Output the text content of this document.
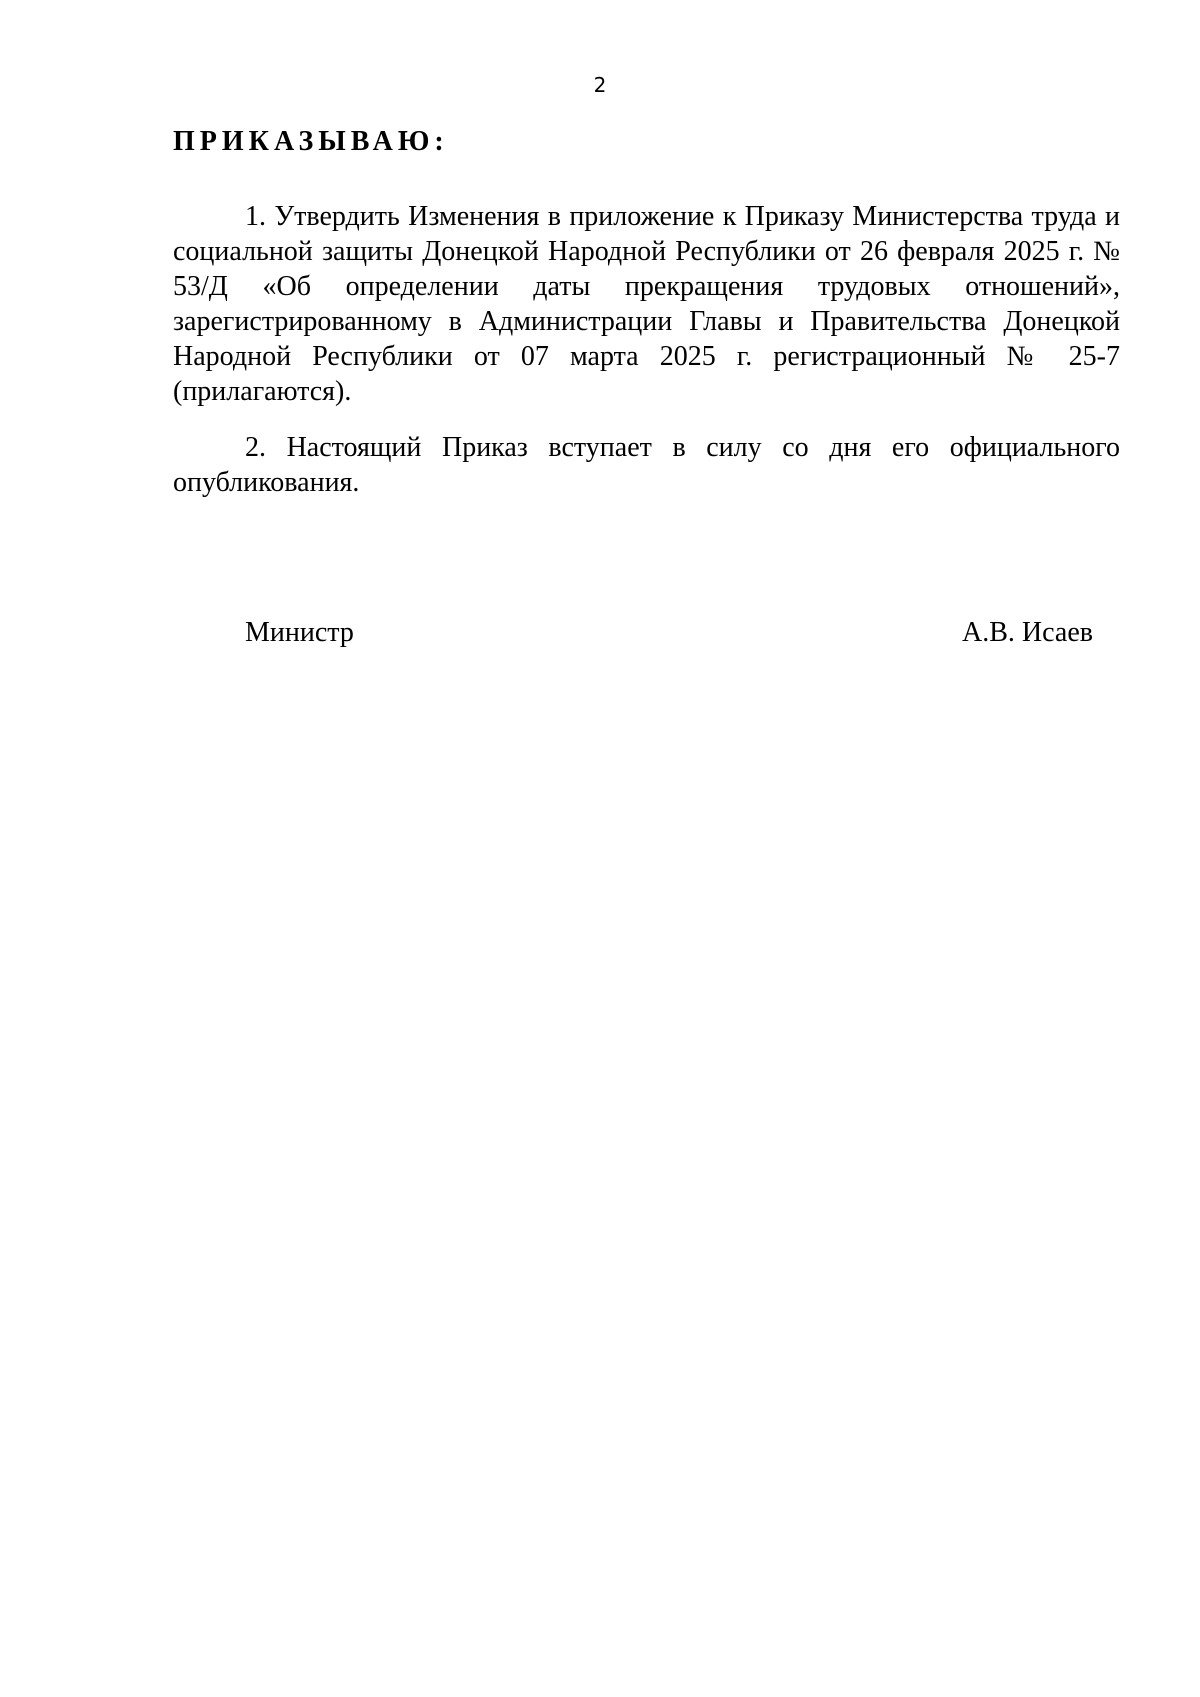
2
ПРИКАЗЫВАЮ:

1. Утвердить Изменения в приложение к Приказу Министерства труда и социальной защиты Донецкой Народной Республики от 26 февраля 2025 г. № 53/Д «Об определении даты прекращения трудовых отношений», зарегистрированному в Администрации Главы и Правительства Донецкой Народной Республики от 07 марта 2025 г. регистрационный № 25-7 (прилагаются).

2. Настоящий Приказ вступает в силу со дня его официального опубликования.

Министр	А.В. Исаев
